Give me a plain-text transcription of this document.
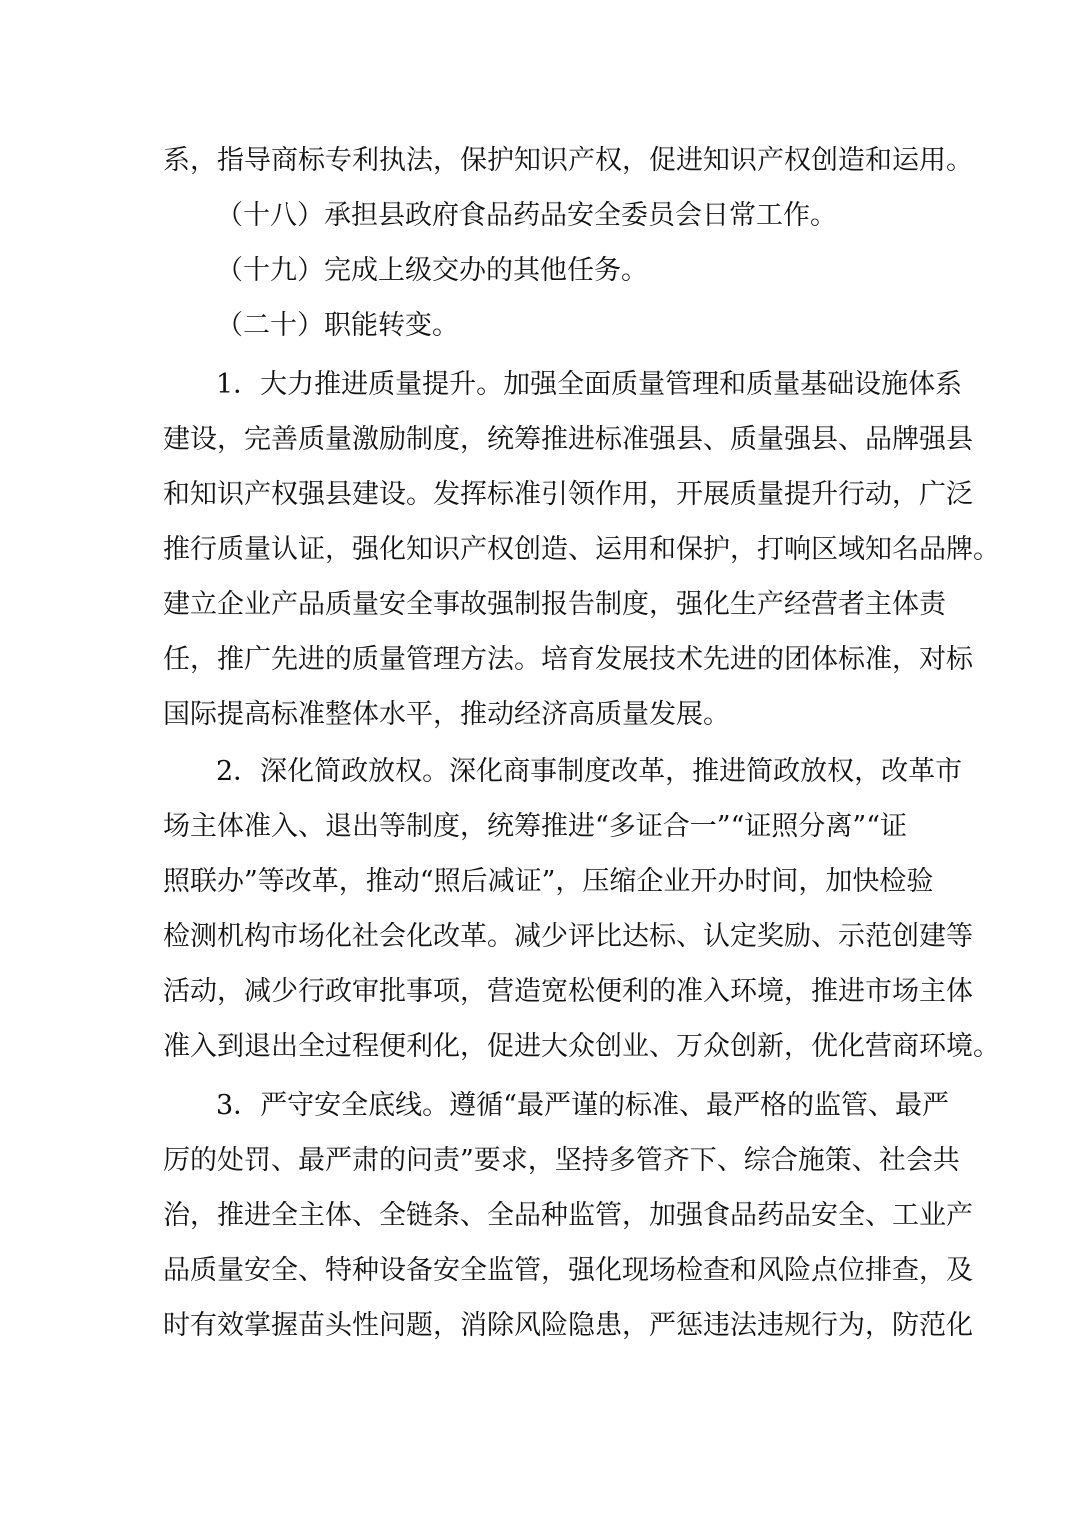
系，指导商标专利执法，保护知识产权，促进知识产权创造和运用。
（十八）承担县政府食品药品安全委员会日常工作。
（十九）完成上级交办的其他任务。
（二十）职能转变。
1．大力推进质量提升。加强全面质量管理和质量基础设施体系
建设，完善质量激励制度，统筹推进标准强县、质量强县、品牌强县
和知识产权强县建设。发挥标准引领作用，开展质量提升行动，广泛
推行质量认证，强化知识产权创造、运用和保护，打响区域知名品牌。
建立企业产品质量安全事故强制报告制度，强化生产经营者主体责
任，推广先进的质量管理方法。培育发展技术先进的团体标准，对标
国际提高标准整体水平，推动经济高质量发展。
2．深化简政放权。深化商事制度改革，推进简政放权，改革市
场主体准入、退出等制度，统筹推进“多证合一”“证照分离”“证
照联办”等改革，推动“照后减证”，压缩企业开办时间，加快检验
检测机构市场化社会化改革。减少评比达标、认定奖励、示范创建等
活动，减少行政审批事项，营造宽松便利的准入环境，推进市场主体
准入到退出全过程便利化，促进大众创业、万众创新，优化营商环境。
3．严守安全底线。遵循“最严谨的标准、最严格的监管、最严
厉的处罚、最严肃的问责”要求，坚持多管齐下、综合施策、社会共
治，推进全主体、全链条、全品种监管，加强食品药品安全、工业产
品质量安全、特种设备安全监管，强化现场检查和风险点位排查，及
时有效掌握苗头性问题，消除风险隐患，严惩违法违规行为，防范化
